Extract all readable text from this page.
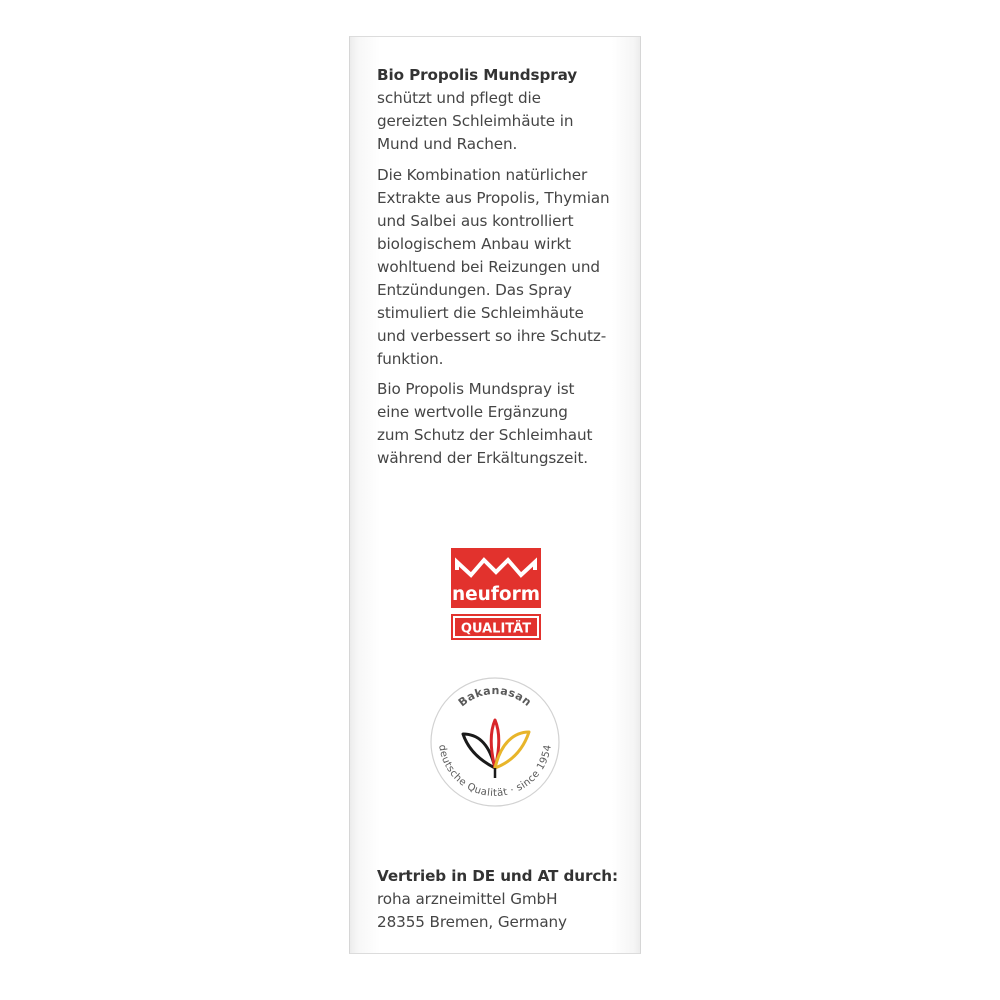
Bio Propolis Mundspray

schützt und pflegt die
gereizten Schleimhäute in
Mund und Rachen.

Die Kombination natürlicher
Extrakte aus Propolis, Thymian
und Salbei aus kontrolliert
biologischem Anbau wirkt
wohltuend bei Reizungen und
Entzündungen. Das Spray
stimuliert die Schleimhäute
und verbessert so ihre Schutz-
funktion.

Bio Propolis Mundspray ist
eine wertvolle Ergänzung
zum Schutz der Schleimhaut
während der Erkältungszeit.

neuform
QUALITÄT
Bakanasan
deutsche Qualität · since 1954

Vertrieb in DE und AT durch:

roha arzneimittel GmbH

28355 Bremen, Germany
